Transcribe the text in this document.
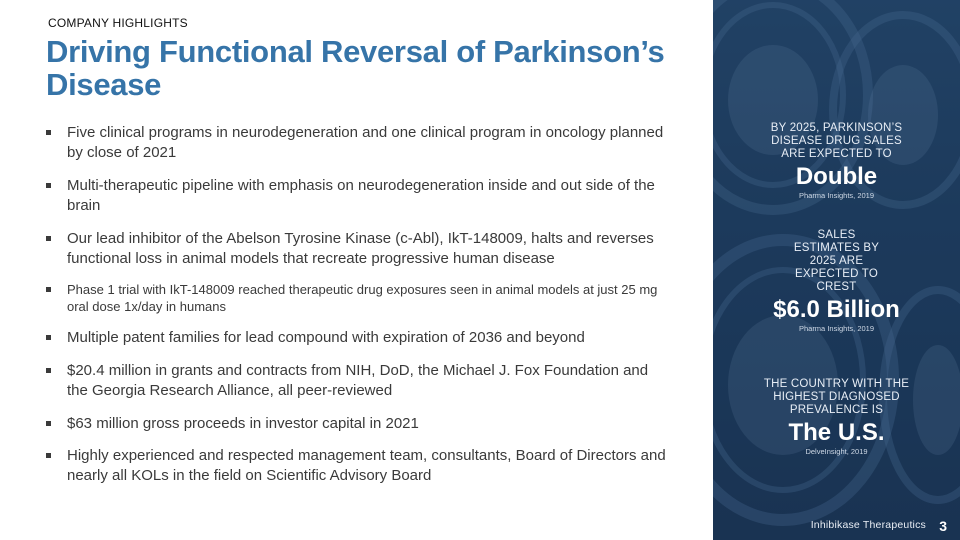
COMPANY HIGHLIGHTS
Driving Functional Reversal of Parkinson’s Disease
Five clinical programs in neurodegeneration and one clinical program in oncology planned by close of 2021
Multi-therapeutic pipeline with emphasis on neurodegeneration inside and out side of the brain
Our lead inhibitor of the Abelson Tyrosine Kinase (c-Abl), IkT-148009, halts and reverses functional loss in animal models that recreate progressive human disease
Phase 1 trial with IkT-148009 reached therapeutic drug exposures seen in animal models at just 25 mg oral dose 1x/day in humans
Multiple patent families for lead compound with expiration of 2036 and beyond
$20.4 million in grants and contracts from NIH, DoD, the Michael J. Fox Foundation and the Georgia Research Alliance, all peer-reviewed
$63 million gross proceeds in investor capital in 2021
Highly experienced and respected management team, consultants, Board of Directors and nearly all KOLs in the field on Scientific Advisory Board

BY 2025, PARKINSON’S DISEASE DRUG SALES ARE EXPECTED TO

Double

Pharma Insights, 2019

SALES ESTIMATES BY 2025 ARE EXPECTED TO CREST

$6.0 Billion

Pharma Insights, 2019

THE COUNTRY WITH THE HIGHEST DIAGNOSED PREVALENCE IS

The U.S.

DelveInsight, 2019
Inhibikase Therapeutics 3
